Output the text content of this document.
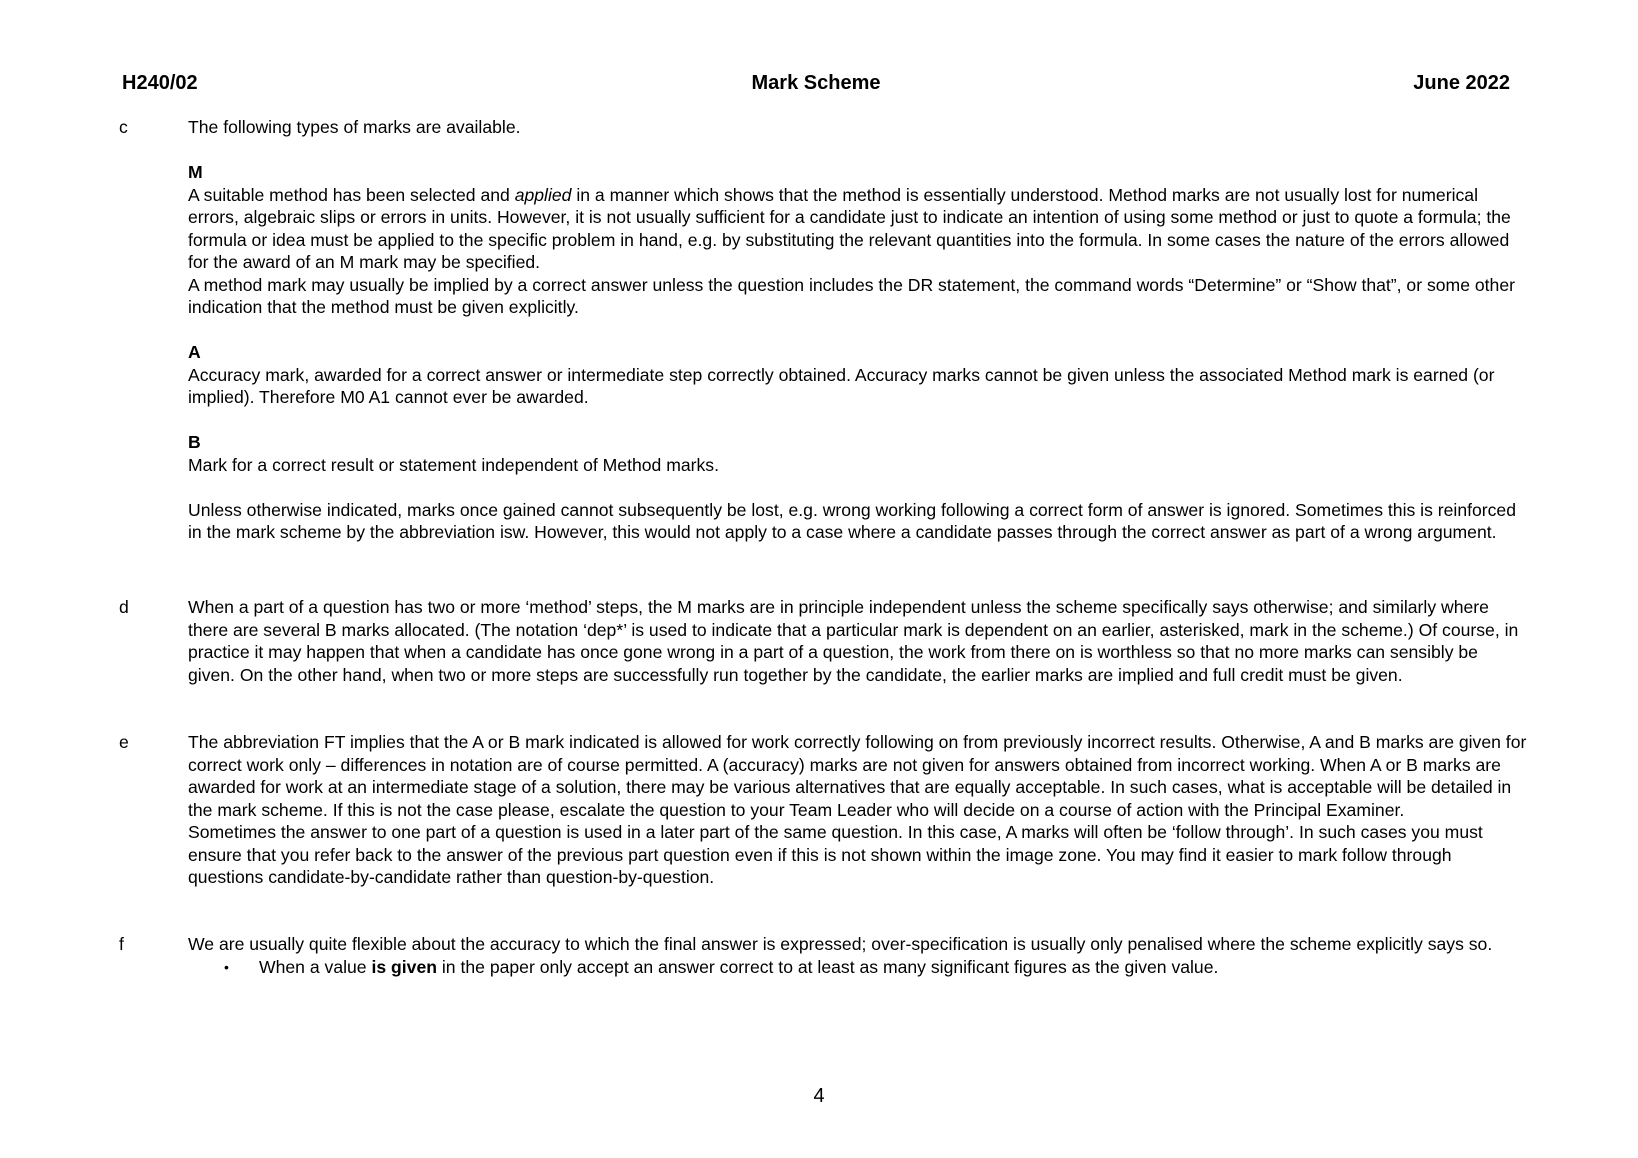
H240/02	Mark Scheme	June 2022
c	The following types of marks are available.

M

A suitable method has been selected and applied in a manner which shows that the method is essentially understood. Method marks are not usually lost for numerical errors, algebraic slips or errors in units. However, it is not usually sufficient for a candidate just to indicate an intention of using some method or just to quote a formula; the formula or idea must be applied to the specific problem in hand, e.g. by substituting the relevant quantities into the formula. In some cases the nature of the errors allowed for the award of an M mark may be specified.

A method mark may usually be implied by a correct answer unless the question includes the DR statement, the command words “Determine” or “Show that”, or some other indication that the method must be given explicitly.

A

Accuracy mark, awarded for a correct answer or intermediate step correctly obtained. Accuracy marks cannot be given unless the associated Method mark is earned (or implied). Therefore M0 A1 cannot ever be awarded.

B

Mark for a correct result or statement independent of Method marks.

Unless otherwise indicated, marks once gained cannot subsequently be lost, e.g. wrong working following a correct form of answer is ignored. Sometimes this is reinforced in the mark scheme by the abbreviation isw. However, this would not apply to a case where a candidate passes through the correct answer as part of a wrong argument.

d	When a part of a question has two or more ‘method’ steps, the M marks are in principle independent unless the scheme specifically says otherwise; and similarly where there are several B marks allocated. (The notation ‘dep*’ is used to indicate that a particular mark is dependent on an earlier, asterisked, mark in the scheme.) Of course, in practice it may happen that when a candidate has once gone wrong in a part of a question, the work from there on is worthless so that no more marks can sensibly be given. On the other hand, when two or more steps are successfully run together by the candidate, the earlier marks are implied and full credit must be given.

e	The abbreviation FT implies that the A or B mark indicated is allowed for work correctly following on from previously incorrect results. Otherwise, A and B marks are given for correct work only – differences in notation are of course permitted. A (accuracy) marks are not given for answers obtained from incorrect working. When A or B marks are awarded for work at an intermediate stage of a solution, there may be various alternatives that are equally acceptable. In such cases, what is acceptable will be detailed in the mark scheme. If this is not the case please, escalate the question to your Team Leader who will decide on a course of action with the Principal Examiner.

Sometimes the answer to one part of a question is used in a later part of the same question. In this case, A marks will often be ‘follow through’. In such cases you must ensure that you refer back to the answer of the previous part question even if this is not shown within the image zone. You may find it easier to mark follow through questions candidate-by-candidate rather than question-by-question.

f	We are usually quite flexible about the accuracy to which the final answer is expressed; over-specification is usually only penalised where the scheme explicitly says so.

• When a value is given in the paper only accept an answer correct to at least as many significant figures as the given value.

4
